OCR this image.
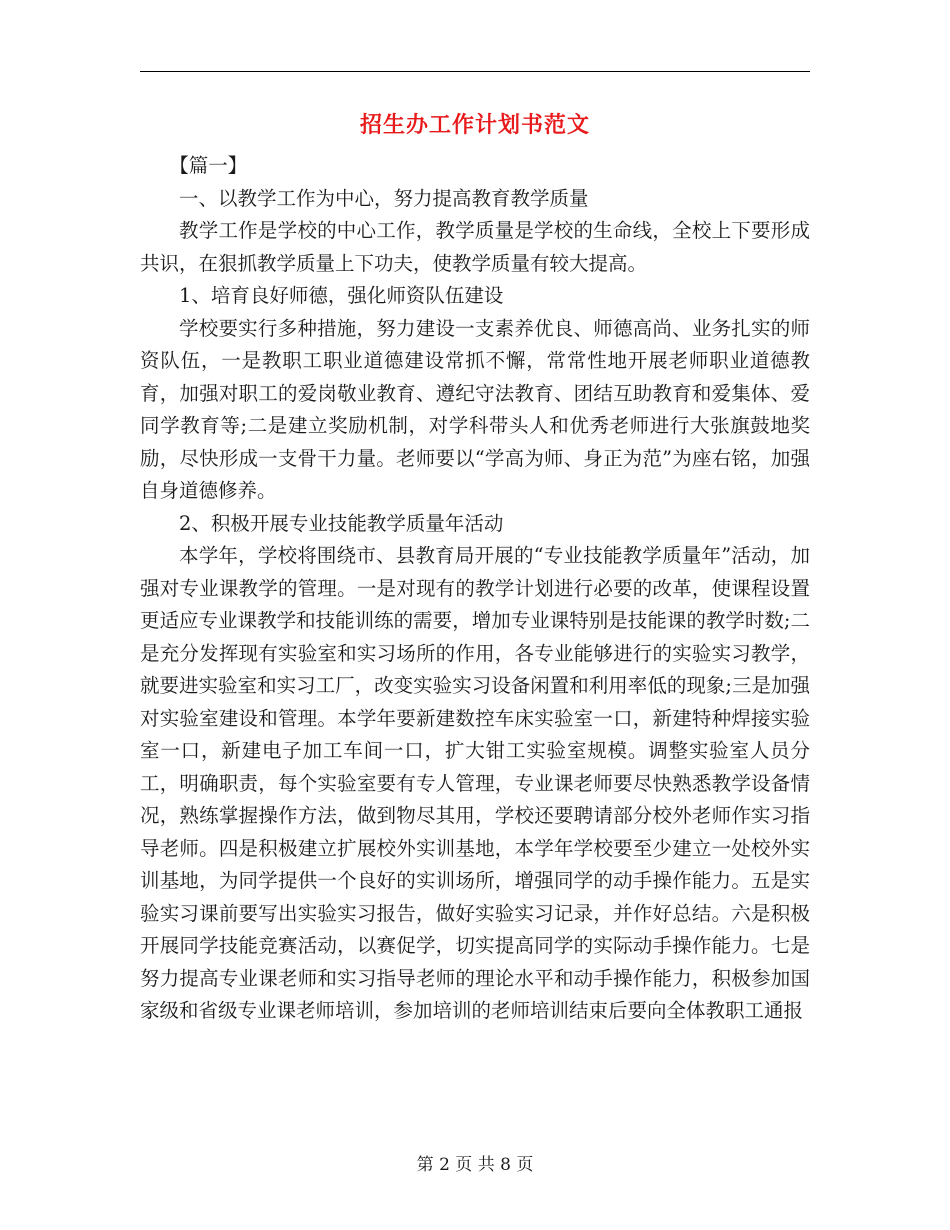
招生办工作计划书范文

【篇一】

一、以教学工作为中心，努力提高教育教学质量

教学工作是学校的中心工作，教学质量是学校的生命线，全校上下要形成共识，在狠抓教学质量上下功夫，使教学质量有较大提高。

1、培育良好师德，强化师资队伍建设

学校要实行多种措施，努力建设一支素养优良、师德高尚、业务扎实的师资队伍，一是教职工职业道德建设常抓不懈，常常性地开展老师职业道德教育，加强对职工的爱岗敬业教育、遵纪守法教育、团结互助教育和爱集体、爱同学教育等;二是建立奖励机制，对学科带头人和优秀老师进行大张旗鼓地奖励，尽快形成一支骨干力量。老师要以“学高为师、身正为范”为座右铭，加强自身道德修养。

2、积极开展专业技能教学质量年活动

本学年，学校将围绕市、县教育局开展的“专业技能教学质量年”活动，加强对专业课教学的管理。一是对现有的教学计划进行必要的改革，使课程设置更适应专业课教学和技能训练的需要，增加专业课特别是技能课的教学时数;二是充分发挥现有实验室和实习场所的作用，各专业能够进行的实验实习教学，就要进实验室和实习工厂，改变实验实习设备闲置和利用率低的现象;三是加强对实验室建设和管理。本学年要新建数控车床实验室一口，新建特种焊接实验室一口，新建电子加工车间一口，扩大钳工实验室规模。调整实验室人员分工，明确职责，每个实验室要有专人管理，专业课老师要尽快熟悉教学设备情况，熟练掌握操作方法，做到物尽其用，学校还要聘请部分校外老师作实习指导老师。四是积极建立扩展校外实训基地，本学年学校要至少建立一处校外实训基地，为同学提供一个良好的实训场所，增强同学的动手操作能力。五是实验实习课前要写出实验实习报告，做好实验实习记录，并作好总结。六是积极开展同学技能竞赛活动，以赛促学，切实提高同学的实际动手操作能力。七是努力提高专业课老师和实习指导老师的理论水平和动手操作能力，积极参加国家级和省级专业课老师培训，参加培训的老师培训结束后要向全体教职工通报

第 2 页 共 8 页
